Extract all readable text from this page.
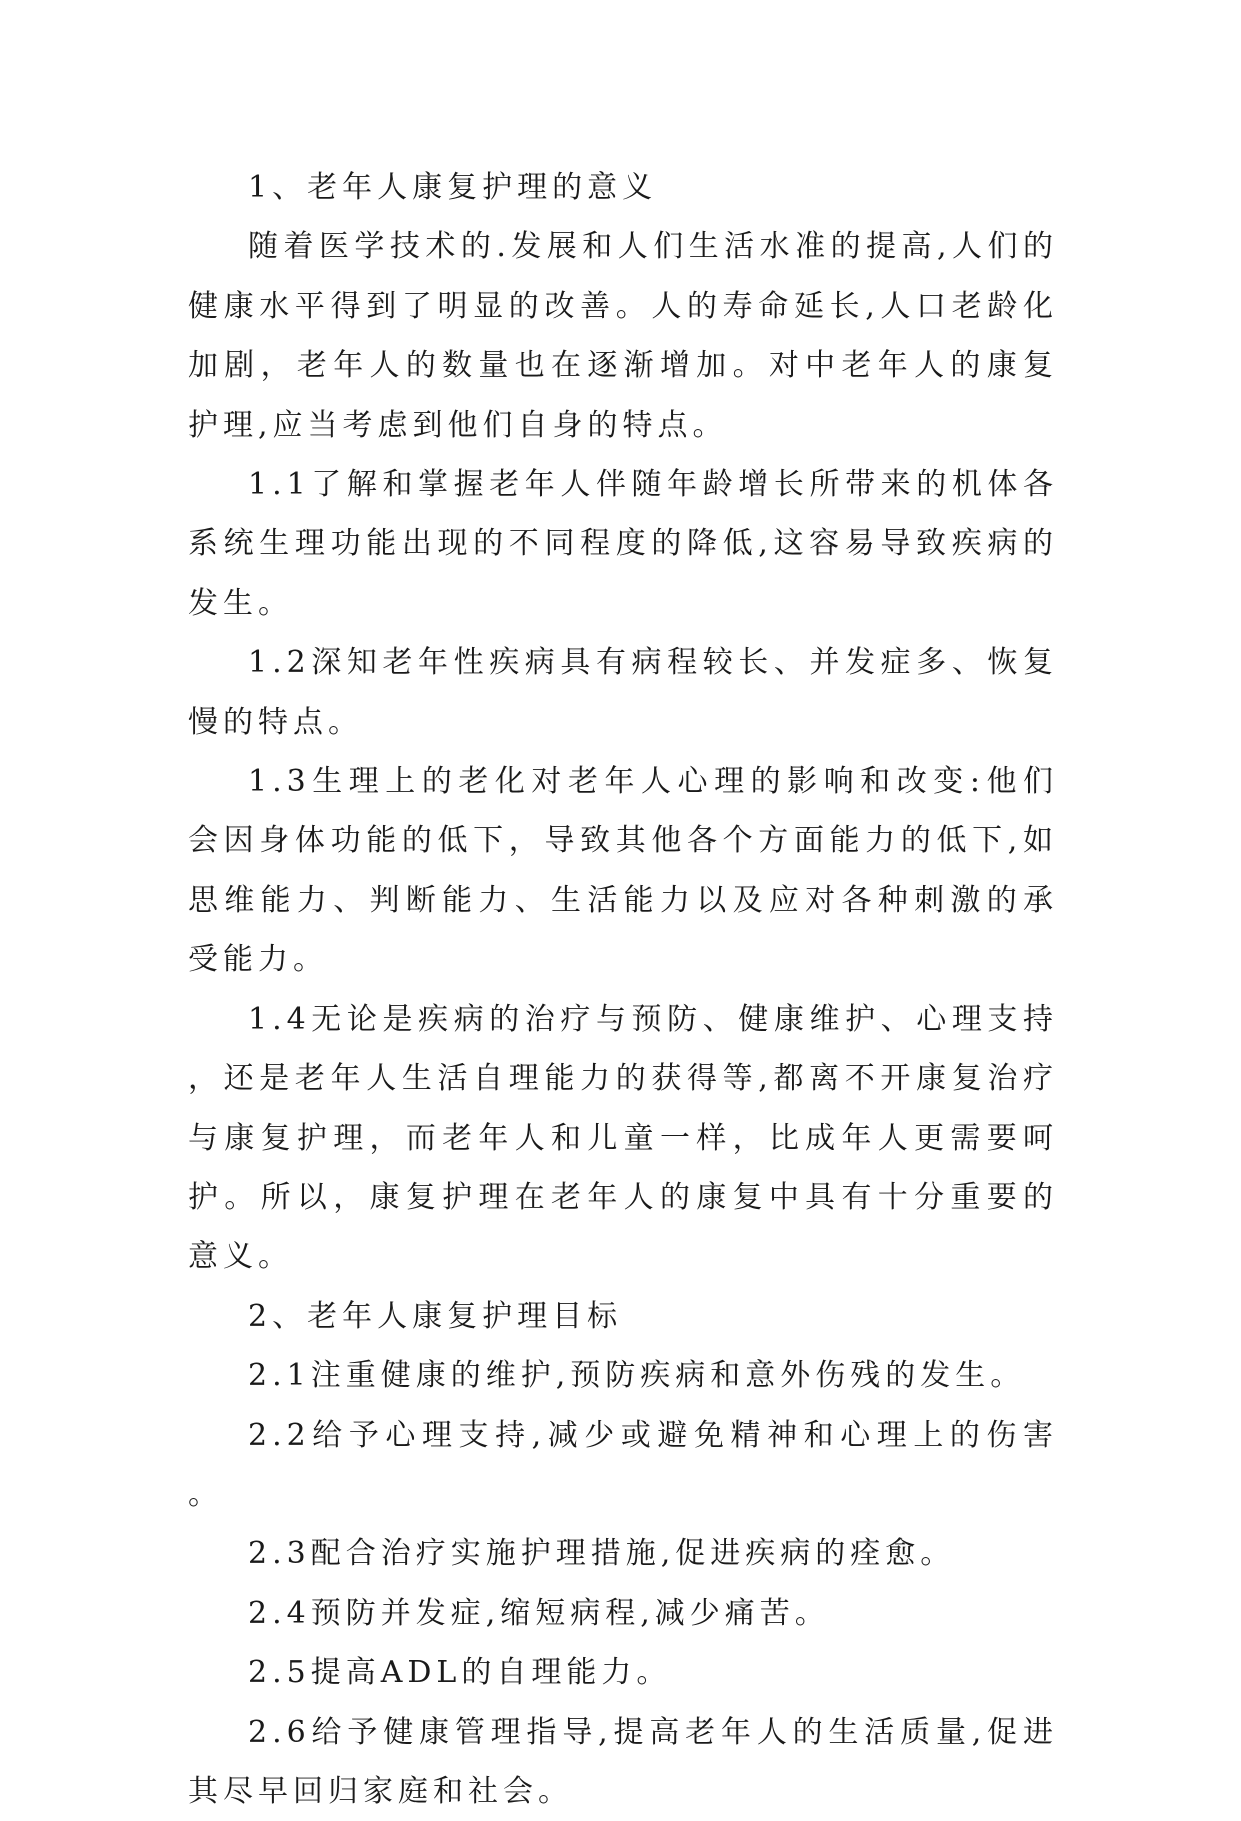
1、老年人康复护理的意义

随着医学技术的.发展和人们生活水准的提高,人们的健康水平得到了明显的改善。人的寿命延长,人口老龄化加剧，老年人的数量也在逐渐增加。对中老年人的康复护理,应当考虑到他们自身的特点。

1.1了解和掌握老年人伴随年龄增长所带来的机体各系统生理功能出现的不同程度的降低,这容易导致疾病的发生。

1.2深知老年性疾病具有病程较长、并发症多、恢复慢的特点。

1.3生理上的老化对老年人心理的影响和改变:他们会因身体功能的低下，导致其他各个方面能力的低下,如思维能力、判断能力、生活能力以及应对各种刺激的承受能力。

1.4无论是疾病的治疗与预防、健康维护、心理支持，还是老年人生活自理能力的获得等,都离不开康复治疗与康复护理，而老年人和儿童一样，比成年人更需要呵护。所以，康复护理在老年人的康复中具有十分重要的意义。

2、老年人康复护理目标

2.1注重健康的维护,预防疾病和意外伤残的发生。

2.2给予心理支持,减少或避免精神和心理上的伤害。

2.3配合治疗实施护理措施,促进疾病的痊愈。

2.4预防并发症,缩短病程,减少痛苦。

2.5提高ADL的自理能力。

2.6给予健康管理指导,提高老年人的生活质量,促进其尽早回归家庭和社会。
